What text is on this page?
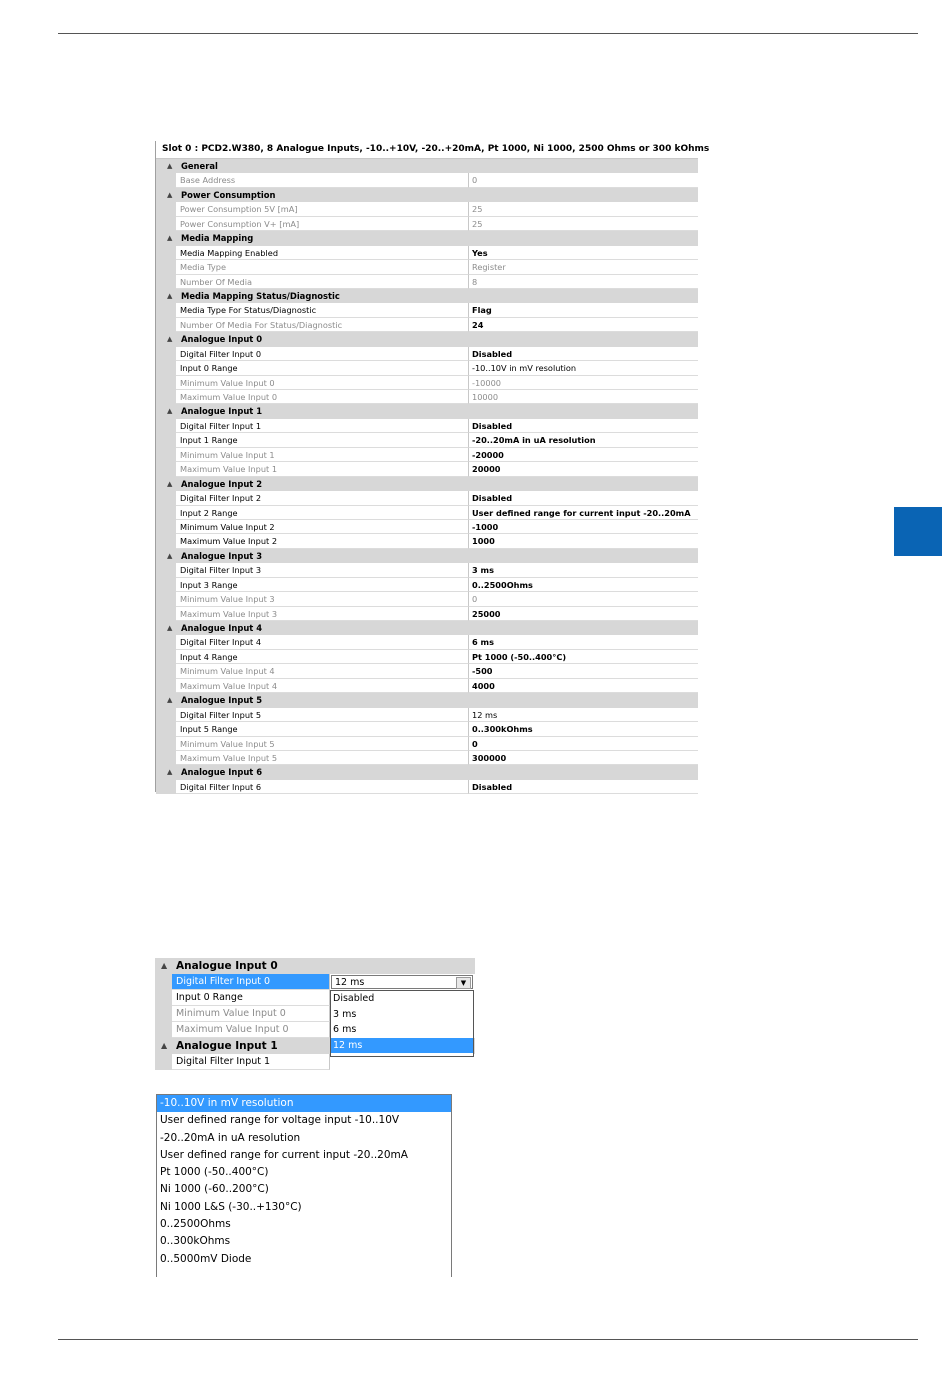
Slot 0 : PCD2.W380, 8 Analogue Inputs, -10..+10V, -20..+20mA, Pt 1000, Ni 1000, 2500 Ohms or 300 kOhms
▲ General
Base Address	0
▲ Power Consumption
Power Consumption 5V [mA]	25
Power Consumption V+ [mA]	25
▲ Media Mapping
Media Mapping Enabled	Yes
Media Type	Register
Number Of Media	8
▲ Media Mapping Status/Diagnostic
Media Type For Status/Diagnostic	Flag
Number Of Media For Status/Diagnostic	24
▲ Analogue Input 0
Digital Filter Input 0	Disabled
Input 0 Range	-10..10V in mV resolution
Minimum Value Input 0	-10000
Maximum Value Input 0	10000
▲ Analogue Input 1
Digital Filter Input 1	Disabled
Input 1 Range	-20..20mA in uA resolution
Minimum Value Input 1	-20000
Maximum Value Input 1	20000
▲ Analogue Input 2
Digital Filter Input 2	Disabled
Input 2 Range	User defined range for current input -20..20mA
Minimum Value Input 2	-1000
Maximum Value Input 2	1000
▲ Analogue Input 3
Digital Filter Input 3	3 ms
Input 3 Range	0..2500Ohms
Minimum Value Input 3	0
Maximum Value Input 3	25000
▲ Analogue Input 4
Digital Filter Input 4	6 ms
Input 4 Range	Pt 1000 (-50..400°C)
Minimum Value Input 4	-500
Maximum Value Input 4	4000
▲ Analogue Input 5
Digital Filter Input 5	12 ms
Input 5 Range	0..300kOhms
Minimum Value Input 5	0
Maximum Value Input 5	300000
▲ Analogue Input 6
Digital Filter Input 6	Disabled
▲ Analogue Input 0
Digital Filter Input 0
Input 0 Range
Minimum Value Input 0
Maximum Value Input 0
▲ Analogue Input 1
Digital Filter Input 1
12 ms	▼
Disabled
3 ms
6 ms
12 ms
-10..10V in mV resolution
User defined range for voltage input -10..10V
-20..20mA in uA resolution
User defined range for current input -20..20mA
Pt 1000 (-50..400°C)
Ni 1000 (-60..200°C)
Ni 1000 L&S (-30..+130°C)
0..2500Ohms
0..300kOhms
0..5000mV Diode
